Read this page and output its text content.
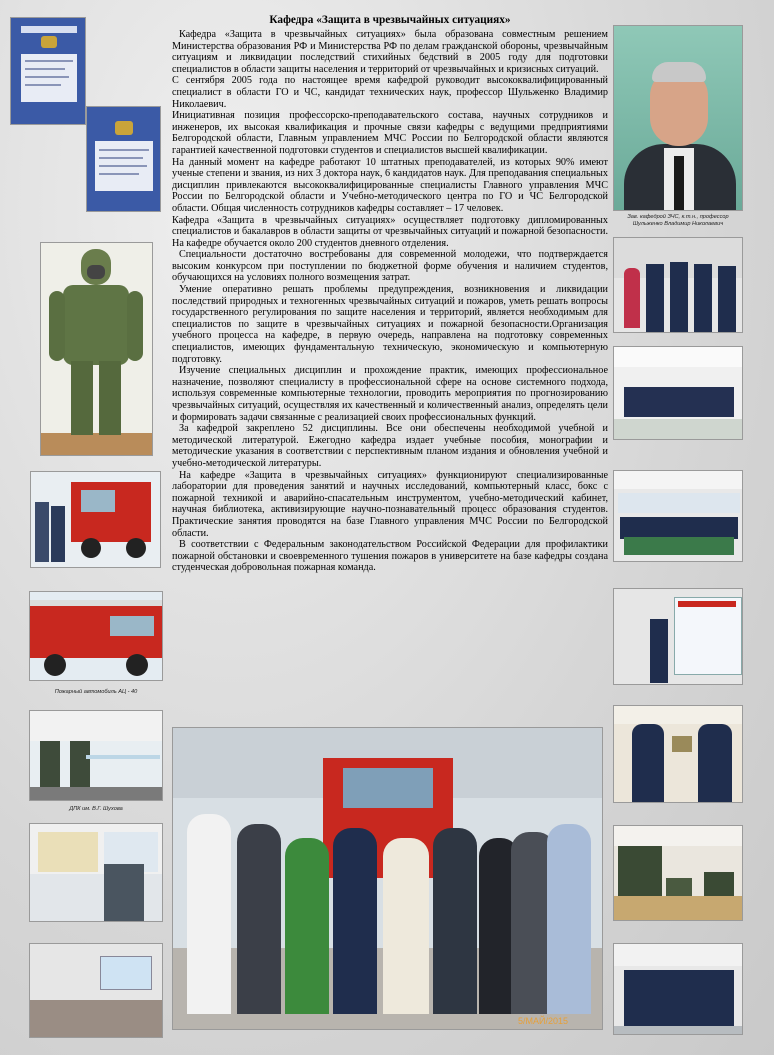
Кафедра «Защита в чрезвычайных ситуациях»

Кафедра «Защита в чрезвычайных ситуациях» была образована совместным решением Министерства образования РФ и Министерства РФ по делам гражданской обороны, чрезвычайным ситуациям и ликвидации последствий стихийных бедствий в 2005 году для подготовки специалистов в области защиты населения и территорий от чрезвычайных и кризисных ситуаций.

С сентября 2005 года по настоящее время кафедрой руководит высококвалифицированный специалист в области ГО и ЧС, кандидат технических наук, профессор Шульженко Владимир Николаевич.

Инициативная позиция профессорско-преподавательского состава, научных сотрудников и инженеров, их высокая квалификация и прочные связи кафедры с ведущими предприятиями Белгородской области, Главным управлением МЧС России по Белгородской области являются гарантией качественной подготовки студентов и специалистов высшей квалификации.

На данный момент на кафедре работают 10 штатных преподавателей, из которых 90% имеют ученые степени и звания, из них 3 доктора наук, 6 кандидатов наук. Для преподавания специальных дисциплин привлекаются высококвалифицированные специалисты Главного управления МЧС России по Белгородской области и Учебно-методического центра по ГО и ЧС Белгородской области. Общая численность сотрудников кафедры составляет – 17 человек.

Кафедра «Защита в чрезвычайных ситуациях» осуществляет подготовку дипломированных специалистов и бакалавров в области защиты от чрезвычайных ситуаций и пожарной безопасности. На кафедре обучается около 200 студентов дневного отделения.

Специальности достаточно востребованы для современной молодежи, что подтверждается высоким конкурсом при поступлении по бюджетной форме обучения и наличием студентов, обучающихся на условиях полного возмещения затрат.

Умение оперативно решать проблемы предупреждения, возникновения и ликвидации последствий природных и техногенных чрезвычайных ситуаций и пожаров, уметь решать вопросы государственного регулирования по защите населения и территорий, является необходимым для специалистов по защите в чрезвычайных ситуациях и пожарной безопасности.Организация учебного процесса на кафедре, в первую очередь, направлена на подготовку современных специалистов, имеющих фундаментальную техническую, экономическую и компьютерную подготовку.

Изучение специальных дисциплин и прохождение практик, имеющих профессиональное назначение, позволяют специалисту в профессиональной сфере на основе системного подхода, используя современные компьютерные технологии, проводить мероприятия по прогнозированию чрезвычайных ситуаций, осуществляя их качественный и количественный анализ, определять цели и формировать задачи связанные с реализацией своих профессиональных функций.

За кафедрой закреплено 52 дисциплины. Все они обеспечены необходимой учебной и методической литературой. Ежегодно кафедра издает учебные пособия, монографии и методические указания в соответствии с перспективным планом издания и обновления учебной и учебно-методической литературы.

На кафедре «Защита в чрезвычайных ситуациях» функционируют специализированные лаборатории для проведения занятий и научных исследований, компьютерный класс, бокс с пожарной техникой и аварийно-спасательным инструментом, учебно-методический кабинет, научная библиотека, активизирующие научно-познавательный процесс образования студентов. Практические занятия проводятся на базе Главного управления МЧС России по Белгородской области.

В соответствии с Федеральным законодательством Российской Федерации для профилактики пожарной обстановки и своевременного тушения пожаров в университете на базе кафедры создана студенческая добровольная пожарная команда.

Зав. кафедрой ЗЧС, к.т.н., профессор Шульженко Владимир Николаевич
Пожарный автомобиль АЦ - 40
ДПК им. В.Г. Шухова
5/МАЙ/2015
